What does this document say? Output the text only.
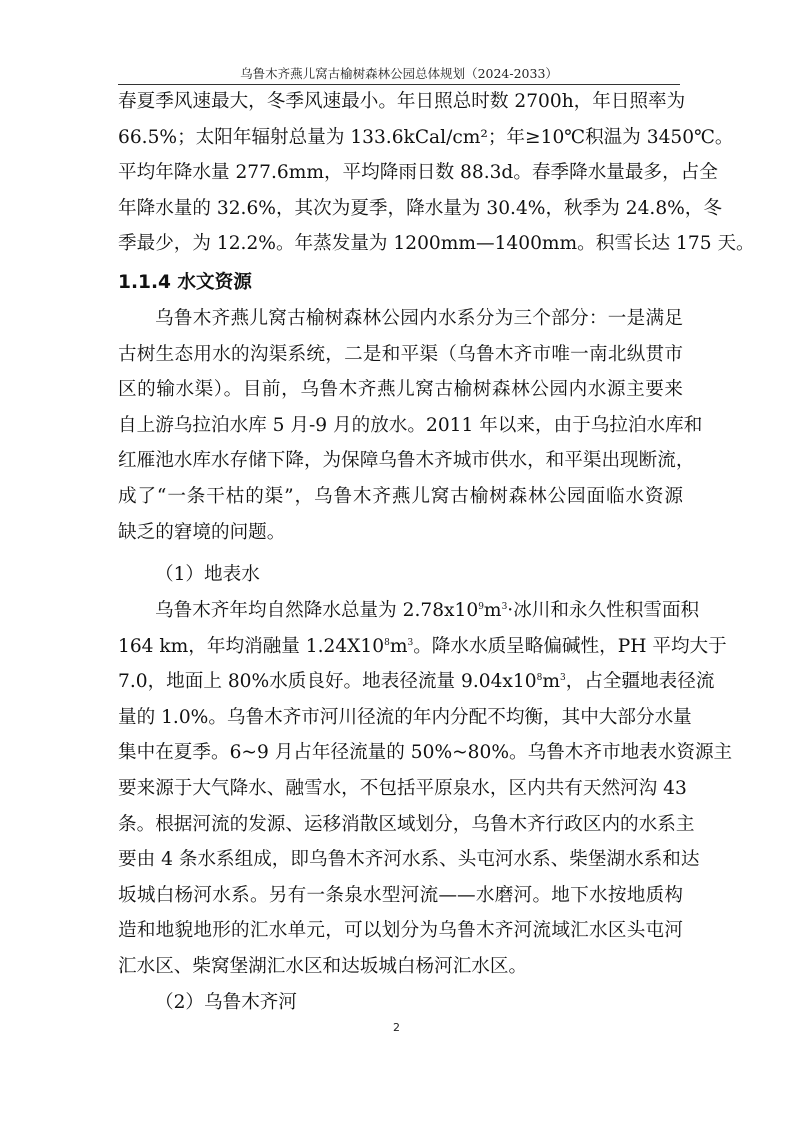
乌鲁木齐燕儿窝古榆树森林公园总体规划（2024-2033）
春夏季风速最大，冬季风速最小。年日照总时数 2700h，年日照率为
66.5%；太阳年辐射总量为 133.6kCal/cm²；年≥10℃积温为 3450℃。
平均年降水量 277.6mm，平均降雨日数 88.3d。春季降水量最多，占全
年降水量的 32.6%，其次为夏季，降水量为 30.4%，秋季为 24.8%，冬
季最少，为 12.2%。年蒸发量为 1200mm—1400mm。积雪长达 175 天。
1.1.4 水文资源
乌鲁木齐燕儿窝古榆树森林公园内水系分为三个部分：一是满足
古树生态用水的沟渠系统，二是和平渠（乌鲁木齐市唯一南北纵贯市
区的输水渠）。目前，乌鲁木齐燕儿窝古榆树森林公园内水源主要来
自上游乌拉泊水库 5 月-9 月的放水。2011 年以来，由于乌拉泊水库和
红雁池水库水存储下降，为保障乌鲁木齐城市供水，和平渠出现断流，
成了“一条干枯的渠”，乌鲁木齐燕儿窝古榆树森林公园面临水资源
缺乏的窘境的问题。
（1）地表水
乌鲁木齐年均自然降水总量为 $2.78x10^9m^3\cdot$冰川和永久性积雪面积
164 km，年均消融量 $1.24X10^8m^3$。降水水质呈略偏碱性，PH 平均大于
7.0，地面上 80%水质良好。地表径流量 $9.04x10^8m^3$，占全疆地表径流
量的 1.0%。乌鲁木齐市河川径流的年内分配不均衡，其中大部分水量
集中在夏季。6~9 月占年径流量的 50%~80%。乌鲁木齐市地表水资源主
要来源于大气降水、融雪水，不包括平原泉水，区内共有天然河沟 43
条。根据河流的发源、运移消散区域划分，乌鲁木齐行政区内的水系主
要由 4 条水系组成，即乌鲁木齐河水系、头屯河水系、柴堡湖水系和达
坂城白杨河水系。另有一条泉水型河流——水磨河。地下水按地质构
造和地貌地形的汇水单元，可以划分为乌鲁木齐河流域汇水区头屯河
汇水区、柴窝堡湖汇水区和达坂城白杨河汇水区。
（2）乌鲁木齐河
2
